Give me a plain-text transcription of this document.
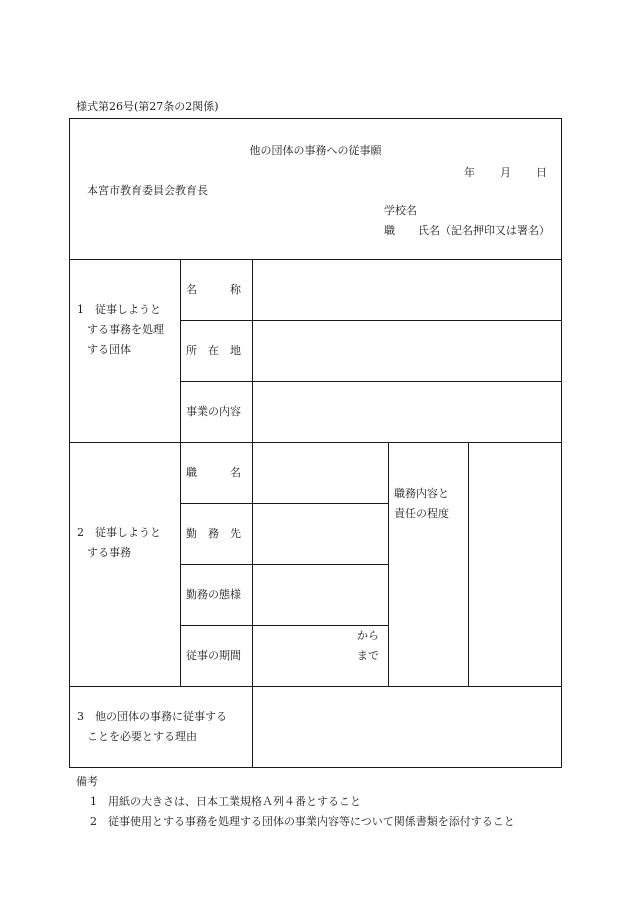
様式第26号(第27条の2関係)
他の団体の事務への従事願
年 月 日
本宮市教育委員会教育長
学校名
職 氏名（記名押印又は署名）
1　従事しようと
する事務を処理
する団体
名　　　称
所　在　地
事業の内容
2　従事しようと
する事務
職　　　名
勤　務　先
勤務の態様
従事の期間
から
まで
職務内容と
責任の程度
3　他の団体の事務に従事する
ことを必要とする理由
備考
1　用紙の大きさは、日本工業規格Ａ列４番とすること
2　従事使用とする事務を処理する団体の事業内容等について関係書類を添付すること
